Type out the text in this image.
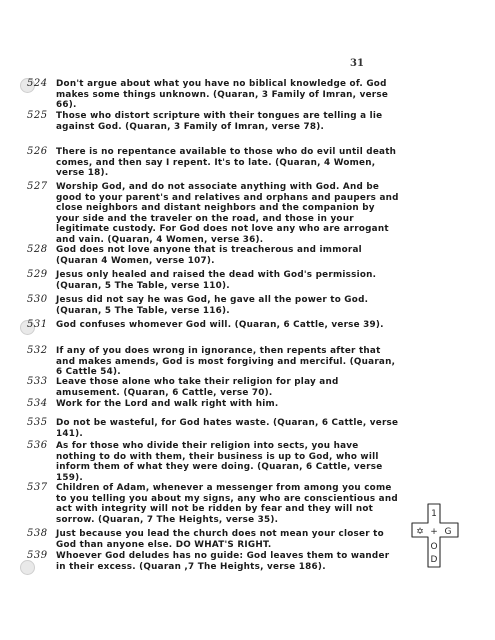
31
524 Don't argue about what you have no biblical knowledge of. God makes some things unknown. (Quaran, 3 Family of Imran, verse 66).

525 Those who distort scripture with their tongues are telling a lie against God. (Quaran, 3 Family of Imran, verse 78).

526 There is no repentance available to those who do evil until death comes, and then say I repent. It's to late. (Quaran, 4 Women, verse 18).

527 Worship God, and do not associate anything with God. And be good to your parent's and relatives and orphans and paupers and close neighbors and distant neighbors and the companion by your side and the traveler on the road, and those in your legitimate custody. For God does not love any who are arrogant and vain. (Quaran, 4 Women, verse 36).

528 God does not love anyone that is treacherous and immoral (Quaran 4 Women, verse 107).

529 Jesus only healed and raised the dead with God's permission. (Quaran, 5 The Table, verse 110).

530 Jesus did not say he was God, he gave all the power to God. (Quaran, 5 The Table, verse 116).

531 God confuses whomever God will. (Quaran, 6 Cattle, verse 39).

532 If any of you does wrong in ignorance, then repents after that and makes amends, God is most forgiving and merciful. (Quaran, 6 Cattle 54).

533 Leave those alone who take their religion for play and amusement. (Quaran, 6 Cattle, verse 70).

534 Work for the Lord and walk right with him.

535 Do not be wasteful, for God hates waste. (Quaran, 6 Cattle, verse 141).

536 As for those who divide their religion into sects, you have nothing to do with them, their business is up to God, who will inform them of what they were doing. (Quaran, 6 Cattle, verse 159).

537 Children of Adam, whenever a messenger from among you come to you telling you about my signs, any who are conscientious and act with integrity will not be ridden by fear and they will not sorrow. (Quaran, 7 The Heights, verse 35).

538 Just because you lead the church does not mean your closer to God than anyone else. DO WHAT'S RIGHT.

539 Whoever God deludes has no guide: God leaves them to wander in their excess. (Quaran ,7 The Heights, verse 186).

1
✡ + G
O
D
